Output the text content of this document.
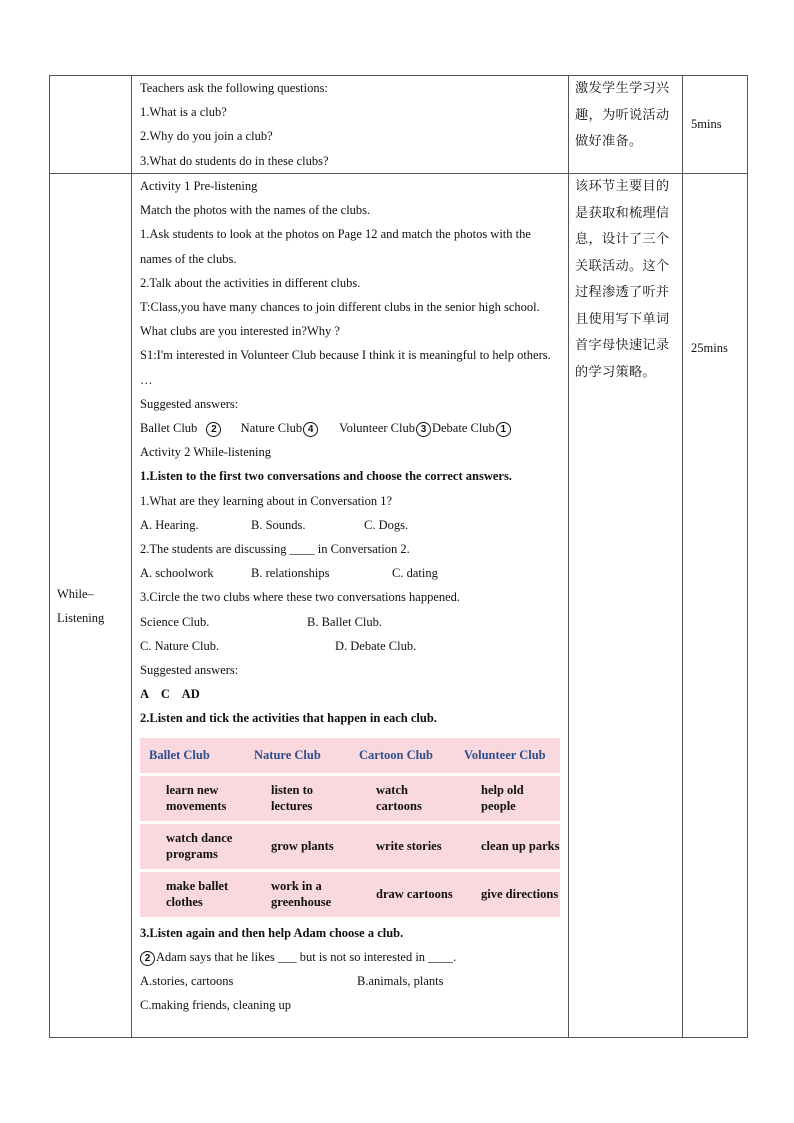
Teachers ask the following questions:
1.What is a club?
2.Why do you join a club?
3.What do students do in these clubs?

激发学生学习兴趣，为听说活动做好准备。

5mins

While–
Listening

Activity 1 Pre-listening
Match the photos with the names of the clubs.
1.Ask students to look at the photos on Page 12 and match the photos with the names of the clubs.
2.Talk about the activities in different clubs.
T:Class,you have many chances to join different clubs in the senior high school. What clubs are you interested in?Why ?
S1:I'm interested in Volunteer Club because I think it is meaningful to help others.
…
Suggested answers:
Ballet Club 2 Nature Club 4 Volunteer Club 3 Debate Club 1
Activity 2 While-listening
1.Listen to the first two conversations and choose the correct answers.
1.What are they learning about in Conversation 1?
A. Hearing.	B. Sounds.	C. Dogs.
2.The students are discussing ____ in Conversation 2.
A. schoolwork	B. relationships	C. dating
3.Circle the two clubs where these two conversations happened.
Science Club.	B. Ballet Club.
C. Nature Club.	D. Debate Club.
Suggested answers:
A    C    AD
2.Listen and tick the activities that happen in each club.
Ballet Club	Nature Club	Cartoon Club	Volunteer Club

learn new movements	listen to lectures	watch cartoons	help old people

watch dance programs	grow plants	write stories	clean up parks

make ballet clothes	work in a greenhouse	draw cartoons	give directions
3.Listen again and then help Adam choose a club.
2 Adam says that he likes ___ but is not so interested in ____.
A.stories, cartoons	B.animals, plants
C.making friends, cleaning up

该环节主要目的是获取和梳理信息，设计了三个关联活动。这个过程渗透了听并且使用写下单词首字母快速记录的学习策略。

25mins
